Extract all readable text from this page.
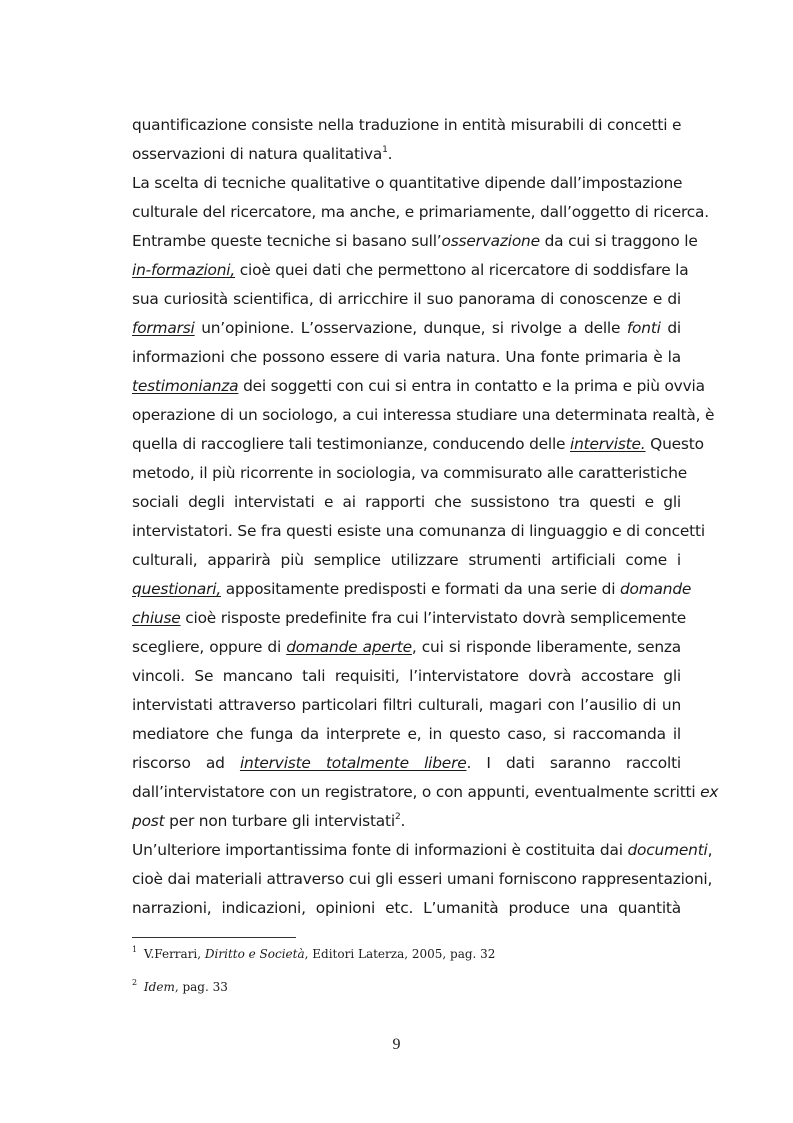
quantificazione consiste nella traduzione in entità misurabili di concetti e
osservazioni di natura qualitativa$^1$.
La scelta di tecniche qualitative o quantitative dipende dall’impostazione
culturale del ricercatore, ma anche, e primariamente, dall’oggetto di ricerca.
Entrambe queste tecniche si basano sull’osservazione da cui si traggono le
in-formazioni, cioè quei dati che permettono al ricercatore di soddisfare la
sua curiosità scientifica, di arricchire il suo panorama di conoscenze e di
formarsi un’opinione. L’osservazione, dunque, si rivolge a delle fonti di
informazioni che possono essere di varia natura. Una fonte primaria è la
testimonianza dei soggetti con cui si entra in contatto e la prima e più ovvia
operazione di un sociologo, a cui interessa studiare una determinata realtà, è
quella di raccogliere tali testimonianze, conducendo delle interviste. Questo
metodo, il più ricorrente in sociologia, va commisurato alle caratteristiche
sociali degli intervistati e ai rapporti che sussistono tra questi e gli
intervistatori. Se fra questi esiste una comunanza di linguaggio e di concetti
culturali, apparirà più semplice utilizzare strumenti artificiali come i
questionari, appositamente predisposti e formati da una serie di domande
chiuse cioè risposte predefinite fra cui l’intervistato dovrà semplicemente
scegliere, oppure di domande aperte, cui si risponde liberamente, senza
vincoli. Se mancano tali requisiti, l’intervistatore dovrà accostare gli
intervistati attraverso particolari filtri culturali, magari con l’ausilio di un
mediatore che funga da interprete e, in questo caso, si raccomanda il
riscorso ad interviste totalmente libere. I dati saranno raccolti
dall’intervistatore con un registratore, o con appunti, eventualmente scritti ex
post per non turbare gli intervistati$^2$.
Un’ulteriore importantissima fonte di informazioni è costituita dai documenti,
cioè dai materiali attraverso cui gli esseri umani forniscono rappresentazioni,
narrazioni, indicazioni, opinioni etc. L’umanità produce una quantità
$^1$ V.Ferrari, Diritto e Società, Editori Laterza, 2005, pag. 32
$^2$ Idem, pag. 33
9
